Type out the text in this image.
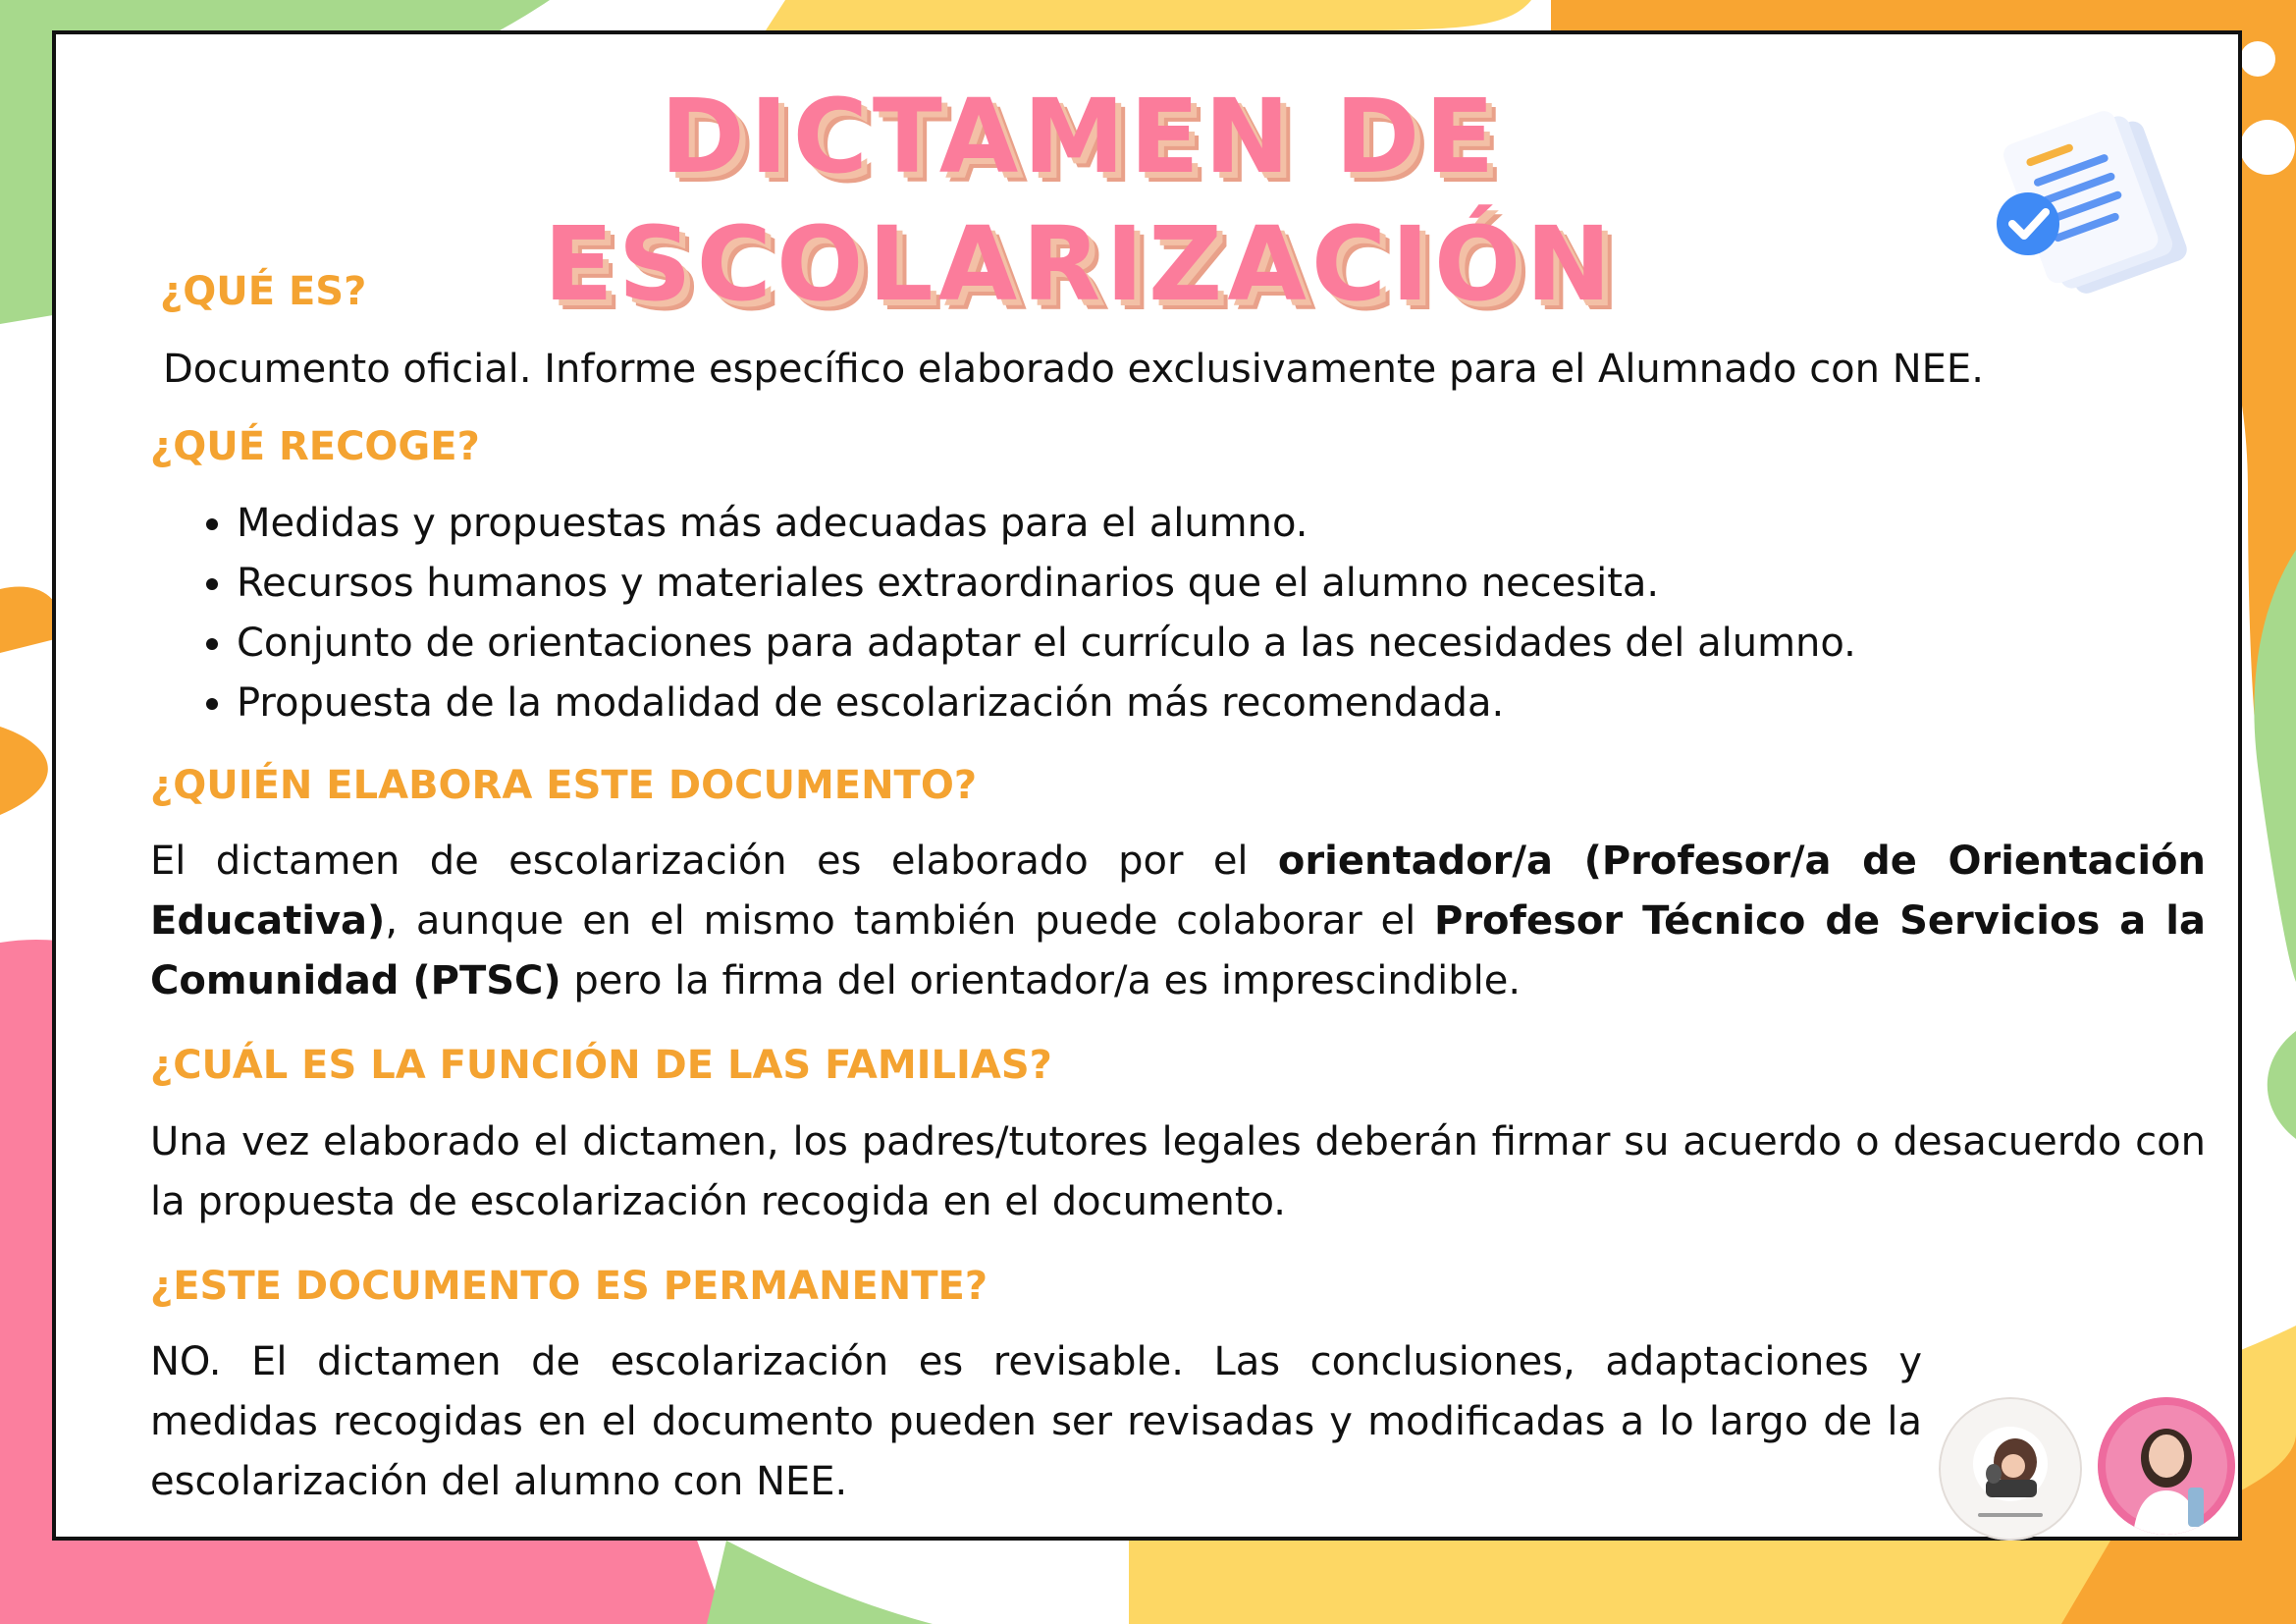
DICTAMEN DE ESCOLARIZACIÓN
¿QUÉ ES?

Documento oficial. Informe específico elaborado exclusivamente para el Alumnado con NEE.

¿QUÉ RECOGE?
• Medidas y propuestas más adecuadas para el alumno.
• Recursos humanos y materiales extraordinarios que el alumno necesita.
• Conjunto de orientaciones para adaptar el currículo a las necesidades del alumno.
• Propuesta de la modalidad de escolarización más recomendada.
¿QUIÉN ELABORA ESTE DOCUMENTO?

El dictamen de escolarización es elaborado por el orientador/a (Profesor/a de Orientación Educativa), aunque en el mismo también puede colaborar el Profesor Técnico de Servicios a la Comunidad (PTSC) pero la firma del orientador/a es imprescindible.

¿CUÁL ES LA FUNCIÓN DE LAS FAMILIAS?

Una vez elaborado el dictamen, los padres/tutores legales deberán firmar su acuerdo o desacuerdo con la propuesta de escolarización recogida en el documento.

¿ESTE DOCUMENTO ES PERMANENTE?

NO. El dictamen de escolarización es revisable. Las conclusiones, adaptaciones y medidas recogidas en el documento pueden ser revisadas y modificadas a lo largo de la escolarización del alumno con NEE.
